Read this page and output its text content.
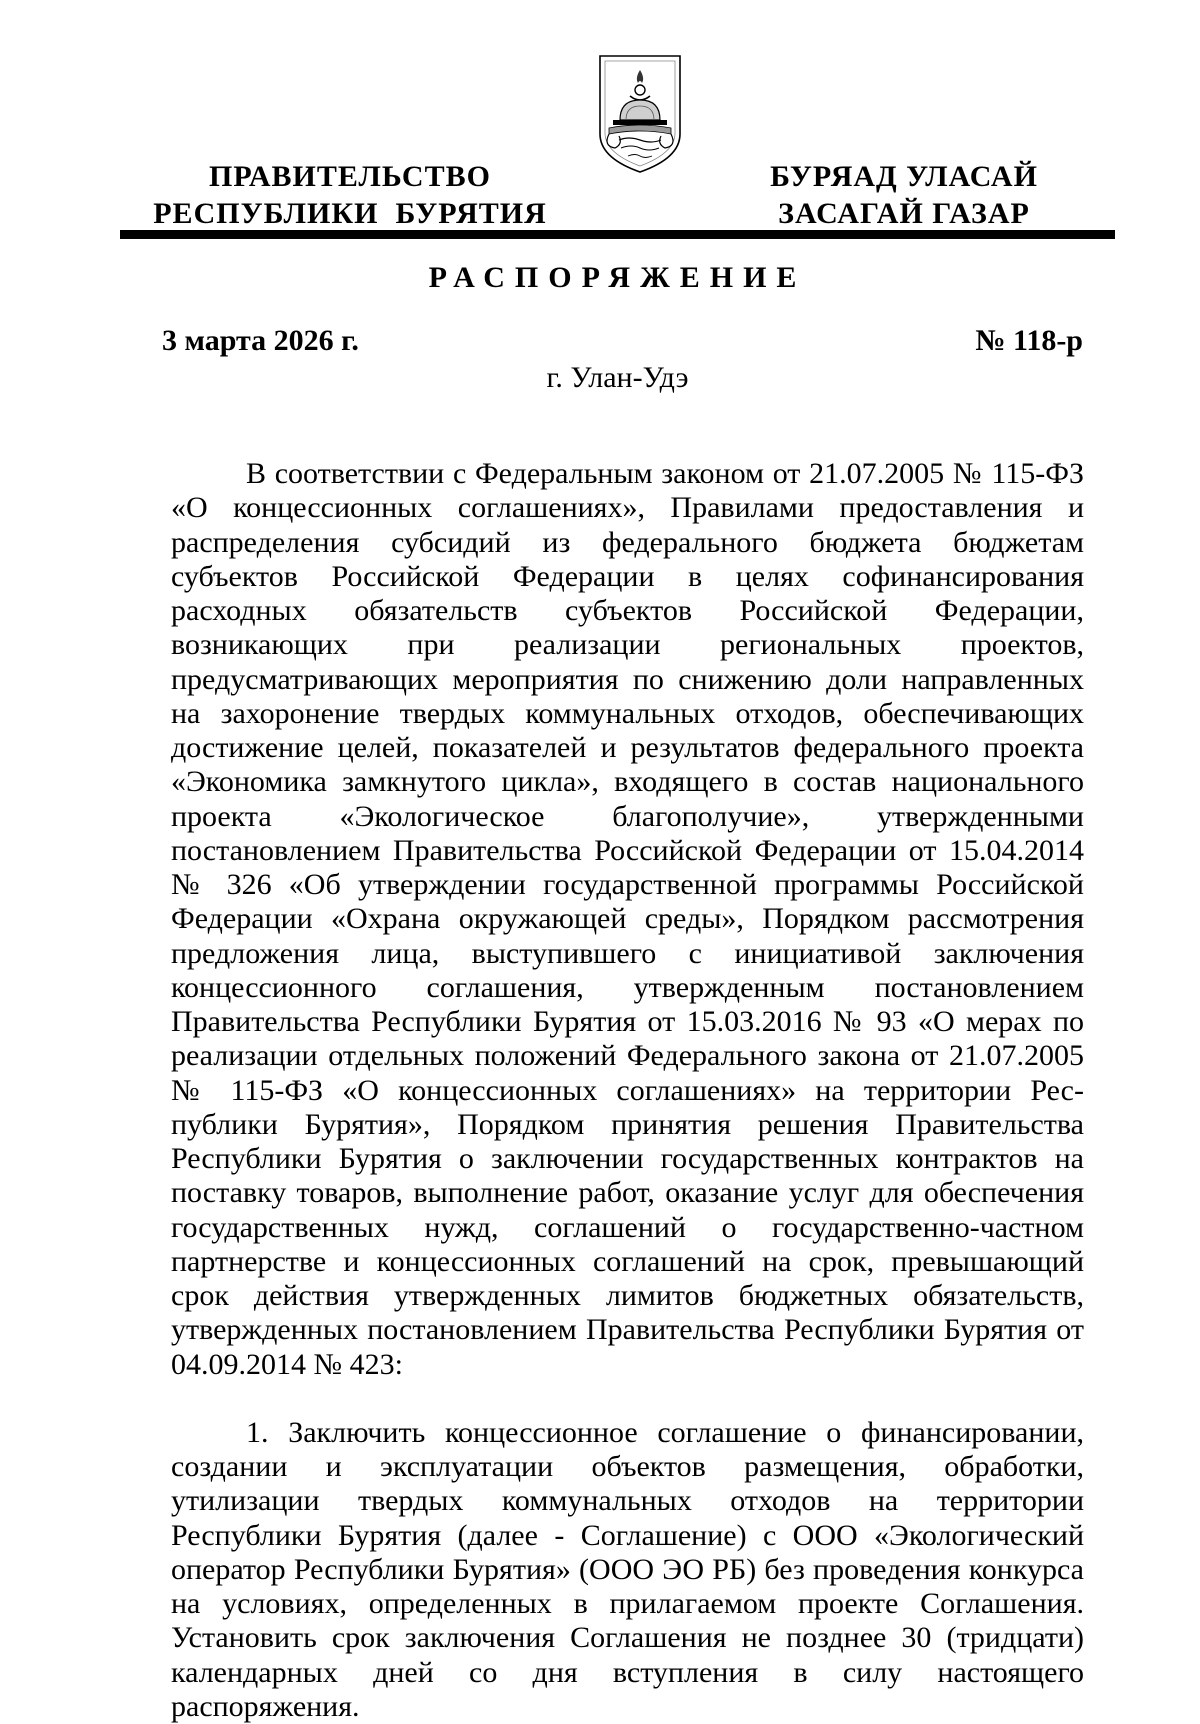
ПРАВИТЕЛЬСТВО
РЕСПУБЛИКИ  БУРЯТИЯ
БУРЯАД УЛАСАЙ
ЗАСАГАЙ ГАЗАР
РАСПОРЯЖЕНИЕ
3 марта 2026 г.	№ 118-р
г. Улан-Удэ

В соответствии с Федеральным законом от 21.07.2005 № 115-ФЗ «О концессионных соглашениях», Правилами предоставления и распределения субсидий из федерального бюджета бюджетам субъектов Российской Федерации в целях софинансирования расходных обязательств субъектов Российской Федерации, возникающих при реализации региональных проектов, предусматривающих мероприятия по снижению доли направленных на захоронение твердых коммунальных отходов, обеспечивающих достижение целей, показателей и результатов федерального проекта «Экономика замкнутого цикла», входящего в состав национального проекта «Экологическое благополучие», утвержденными постановлением Правительства Российской Федерации от 15.04.2014 № 326 «Об утверждении государственной программы Российской Федерации «Охрана окружающей среды», Порядком рассмотрения предложения лица, выступившего с инициативой заключения концессионного соглашения, утвержденным постановлением Правительства Республики Бурятия от 15.03.2016 № 93 «О мерах по реализации отдельных положений Федерального закона от 21.07.2005 № 115-ФЗ «О концессионных соглашениях» на территории Республики Бурятия», Порядком принятия решения Правительства Республики Бурятия о заключении государственных контрактов на поставку товаров, выполнение работ, оказание услуг для обеспечения государственных нужд, соглашений о государственно-частном партнерстве и концессионных соглашений на срок, превышающий срок действия утвержденных лимитов бюджетных обязательств, утвержденных постановлением Правительства Республики Бурятия от 04.09.2014 № 423:

1. Заключить концессионное соглашение о финансировании, создании и эксплуатации объектов размещения, обработки, утилизации твердых коммунальных отходов на территории Республики Бурятия (далее - Соглашение) с ООО «Экологический оператор Республики Бурятия» (ООО ЭО РБ) без проведения конкурса на условиях, определенных в прилагаемом проекте Соглашения. Установить срок заключения Соглашения не позднее 30 (тридцати) календарных дней со дня вступления в силу настоящего распоряжения.
